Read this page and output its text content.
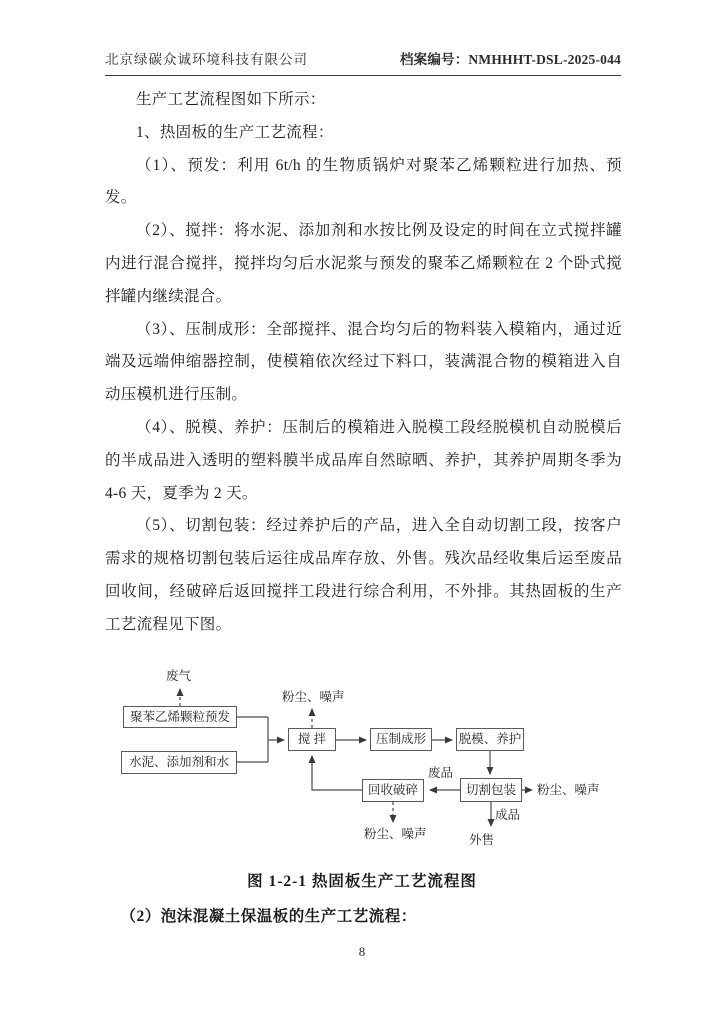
北京绿碳众诚环境科技有限公司	档案编号：NMHHHT-DSL-2025-044

生产工艺流程图如下所示：

1、热固板的生产工艺流程：

（1）、预发：利用 6t/h 的生物质锅炉对聚苯乙烯颗粒进行加热、预发。

（2）、搅拌：将水泥、添加剂和水按比例及设定的时间在立式搅拌罐内进行混合搅拌，搅拌均匀后水泥浆与预发的聚苯乙烯颗粒在 2 个卧式搅拌罐内继续混合。

（3）、压制成形：全部搅拌、混合均匀后的物料装入模箱内，通过近端及远端伸缩器控制，使模箱依次经过下料口，装满混合物的模箱进入自动压模机进行压制。

（4）、脱模、养护：压制后的模箱进入脱模工段经脱模机自动脱模后的半成品进入透明的塑料膜半成品库自然晾晒、养护，其养护周期冬季为 4-6 天，夏季为 2 天。

（5）、切割包装：经过养护后的产品，进入全自动切割工段，按客户需求的规格切割包装后运往成品库存放、外售。残次品经收集后运至废品回收间，经破碎后返回搅拌工段进行综合利用，不外排。其热固板的生产工艺流程见下图。

聚苯乙烯颗粒预发
水泥、添加剂和水
搅 拌	压制成形	脱模、养护
切割包装
回收破碎
废气
粉尘、噪声
废品
粉尘、噪声
成品
外售
粉尘、噪声
图 1-2-1 热固板生产工艺流程图
（2）泡沫混凝土保温板的生产工艺流程：
8
